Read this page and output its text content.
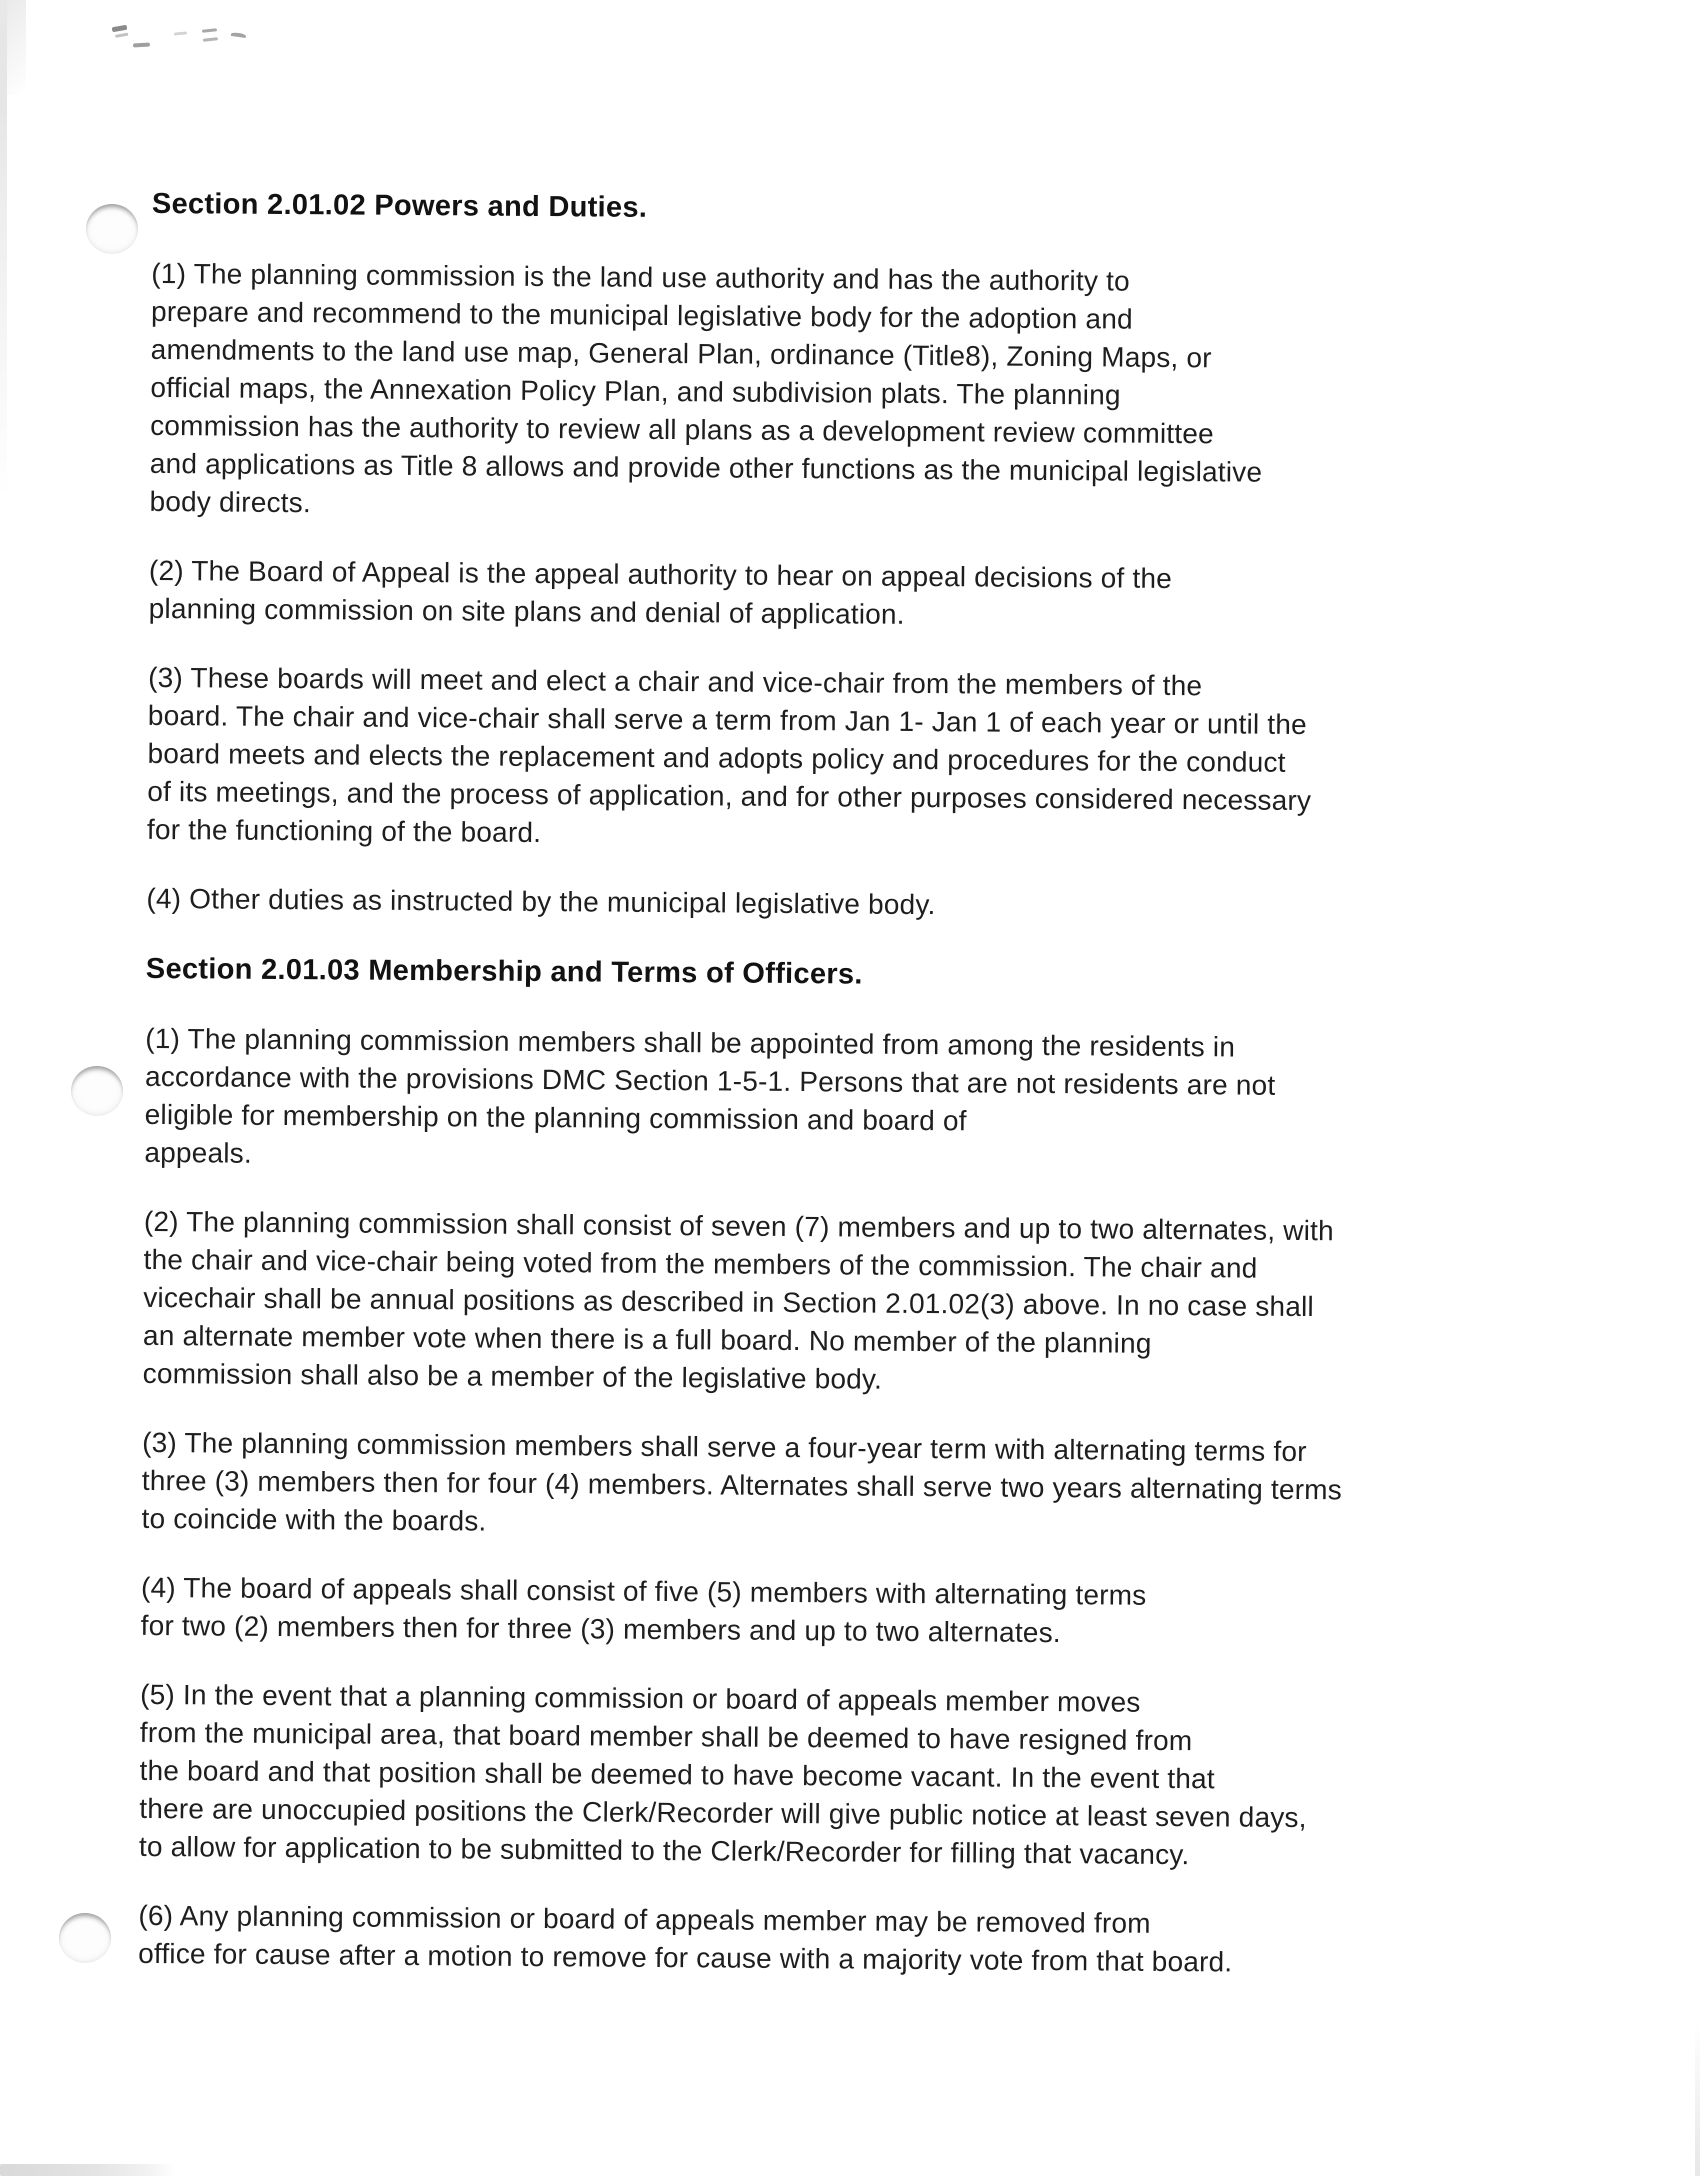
Section 2.01.02 Powers and Duties.

(1) The planning commission is the land use authority and has the authority to
prepare and recommend to the municipal legislative body for the adoption and
amendments to the land use map, General Plan, ordinance (Title8), Zoning Maps, or
official maps, the Annexation Policy Plan, and subdivision plats. The planning
commission has the authority to review all plans as a development review committee
and applications as Title 8 allows and provide other functions as the municipal legislative
body directs.

(2) The Board of Appeal is the appeal authority to hear on appeal decisions of the
planning commission on site plans and denial of application.

(3) These boards will meet and elect a chair and vice-chair from the members of the
board. The chair and vice-chair shall serve a term from Jan 1- Jan 1 of each year or until the
board meets and elects the replacement and adopts policy and procedures for the conduct
of its meetings, and the process of application, and for other purposes considered necessary
for the functioning of the board.

(4) Other duties as instructed by the municipal legislative body.

Section 2.01.03 Membership and Terms of Officers.

(1) The planning commission members shall be appointed from among the residents in
accordance with the provisions DMC Section 1-5-1. Persons that are not residents are not
eligible for membership on the planning commission and board of
appeals.

(2) The planning commission shall consist of seven (7) members and up to two alternates, with
the chair and vice-chair being voted from the members of the commission. The chair and
vicechair shall be annual positions as described in Section 2.01.02(3) above. In no case shall
an alternate member vote when there is a full board. No member of the planning
commission shall also be a member of the legislative body.

(3) The planning commission members shall serve a four-year term with alternating terms for
three (3) members then for four (4) members. Alternates shall serve two years alternating terms
to coincide with the boards.

(4) The board of appeals shall consist of five (5) members with alternating terms
for two (2) members then for three (3) members and up to two alternates.

(5) In the event that a planning commission or board of appeals member moves
from the municipal area, that board member shall be deemed to have resigned from
the board and that position shall be deemed to have become vacant. In the event that
there are unoccupied positions the Clerk/Recorder will give public notice at least seven days,
to allow for application to be submitted to the Clerk/Recorder for filling that vacancy.

(6) Any planning commission or board of appeals member may be removed from
office for cause after a motion to remove for cause with a majority vote from that board.
